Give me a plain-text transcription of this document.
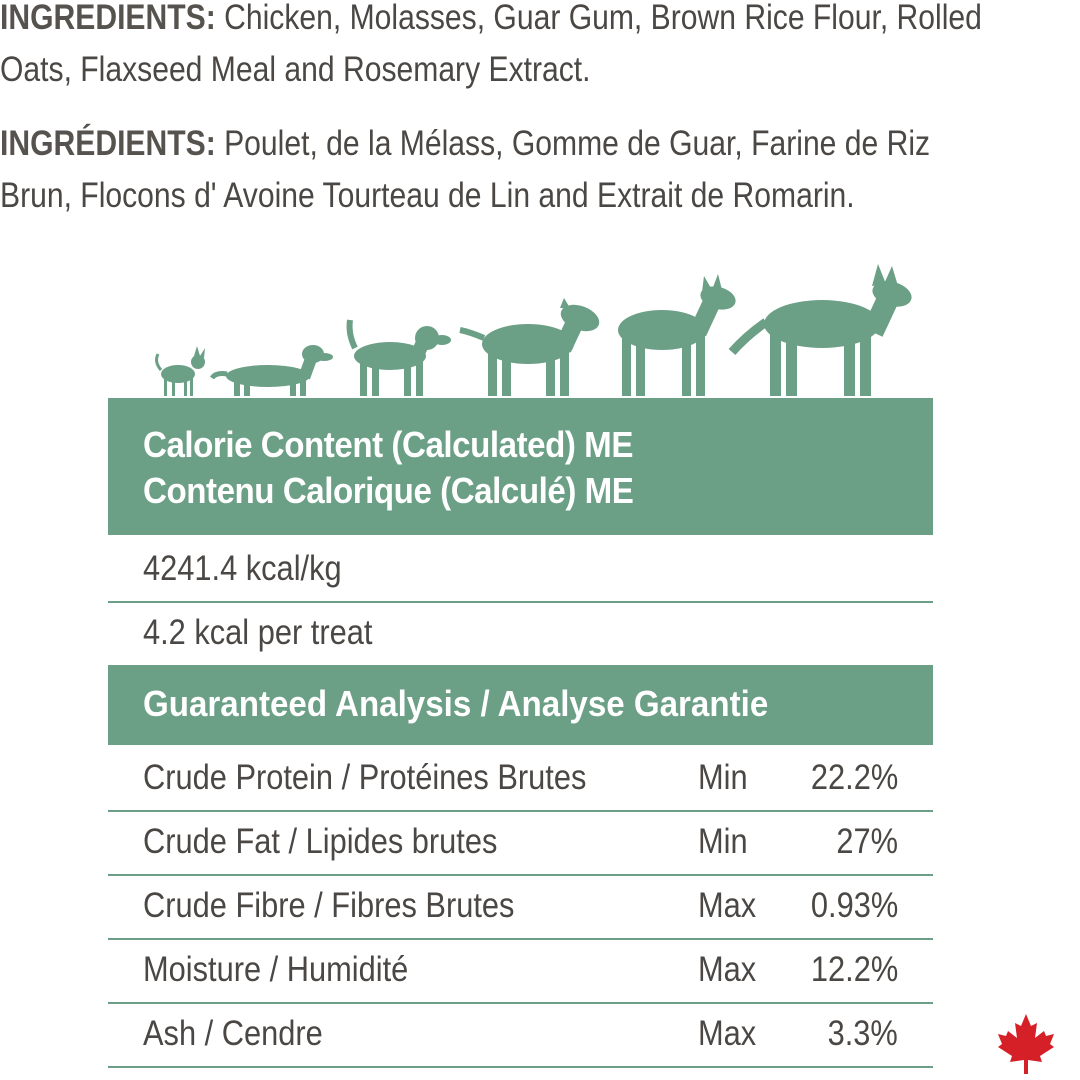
INGREDIENTS: Chicken, Molasses, Guar Gum, Brown Rice Flour, Rolled
Oats, Flaxseed Meal and Rosemary Extract.
INGRÉDIENTS: Poulet, de la Mélass, Gomme de Guar, Farine de Riz
Brun, Flocons d' Avoine Tourteau de Lin and Extrait de Romarin.
Calorie Content (Calculated) ME
Contenu Calorique (Calculé) ME
4241.4 kcal/kg
4.2 kcal per treat
Guaranteed Analysis / Analyse Garantie
Crude Protein / Protéines Brutes	Min 22.2%
Crude Fat / Lipides brutes	Min	27%
Crude Fibre / Fibres Brutes	Max 0.93%
Moisture / Humidité	Max 12.2%
Ash / Cendre	Max 3.3%
